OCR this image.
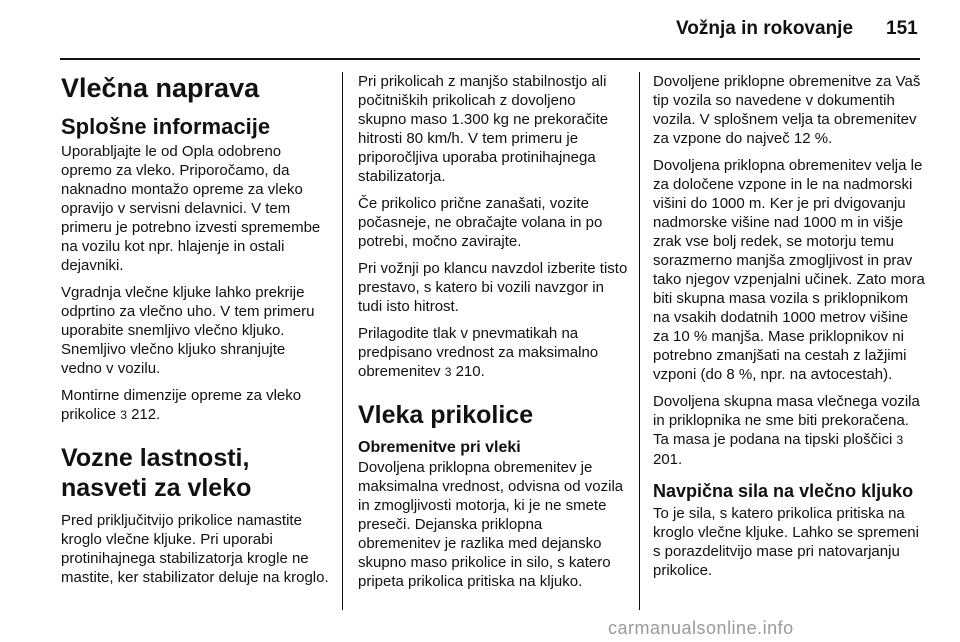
Vožnja in rokovanje 151
Vlečna naprava
Splošne informacije

Uporabljajte le od Opla odobreno opremo za vleko. Priporočamo, da naknadno montažo opreme za vleko opravijo v servisni delavnici. V tem primeru je potrebno izvesti spremembe na vozilu kot npr. hlajenje in ostali dejavniki.

Vgradnja vlečne kljuke lahko prekrije odprtino za vlečno uho. V tem primeru uporabite snemljivo vlečno kljuko. Snemljivo vlečno kljuko shranjujte vedno v vozilu.

Montirne dimenzije opreme za vleko prikolice 3 212.

Vozne lastnosti, nasveti za vleko

Pred priključitvijo prikolice namastite kroglo vlečne kljuke. Pri uporabi protinihajnega stabilizatorja krogle ne mastite, ker stabilizator deluje na kroglo.

Pri prikolicah z manjšo stabilnostjo ali počitniških prikolicah z dovoljeno skupno maso 1.300 kg ne prekoračite hitrosti 80 km/h. V tem primeru je priporočljiva uporaba protinihajnega stabilizatorja.

Če prikolico prične zanašati, vozite počasneje, ne obračajte volana in po potrebi, močno zavirajte.

Pri vožnji po klancu navzdol izberite tisto prestavo, s katero bi vozili navzgor in tudi isto hitrost.

Prilagodite tlak v pnevmatikah na predpisano vrednost za maksimalno obremenitev 3 210.

Vleka prikolice
Obremenitve pri vleki

Dovoljena priklopna obremenitev je maksimalna vrednost, odvisna od vozila in zmogljivosti motorja, ki je ne smete preseči. Dejanska priklopna obremenitev je razlika med dejansko skupno maso prikolice in silo, s katero pripeta prikolica pritiska na kljuko.

Dovoljene priklopne obremenitve za Vaš tip vozila so navedene v dokumentih vozila. V splošnem velja ta obremenitev za vzpone do največ 12 %.

Dovoljena priklopna obremenitev velja le za določene vzpone in le na nadmorski višini do 1000 m. Ker je pri dvigovanju nadmorske višine nad 1000 m in višje zrak vse bolj redek, se motorju temu sorazmerno manjša zmogljivost in prav tako njegov vzpenjalni učinek. Zato mora biti skupna masa vozila s priklopnikom na vsakih dodatnih 1000 metrov višine za 10 % manjša. Mase priklopnikov ni potrebno zmanjšati na cestah z lažjimi vzponi (do 8 %, npr. na avtocestah).

Dovoljena skupna masa vlečnega vozila in priklopnika ne sme biti prekoračena. Ta masa je podana na tipski ploščici 3 201.

Navpična sila na vlečno kljuko

To je sila, s katero prikolica pritiska na kroglo vlečne kljuke. Lahko se spremeni s porazdelitvijo mase pri natovarjanju prikolice.

carmanualsonline.info
